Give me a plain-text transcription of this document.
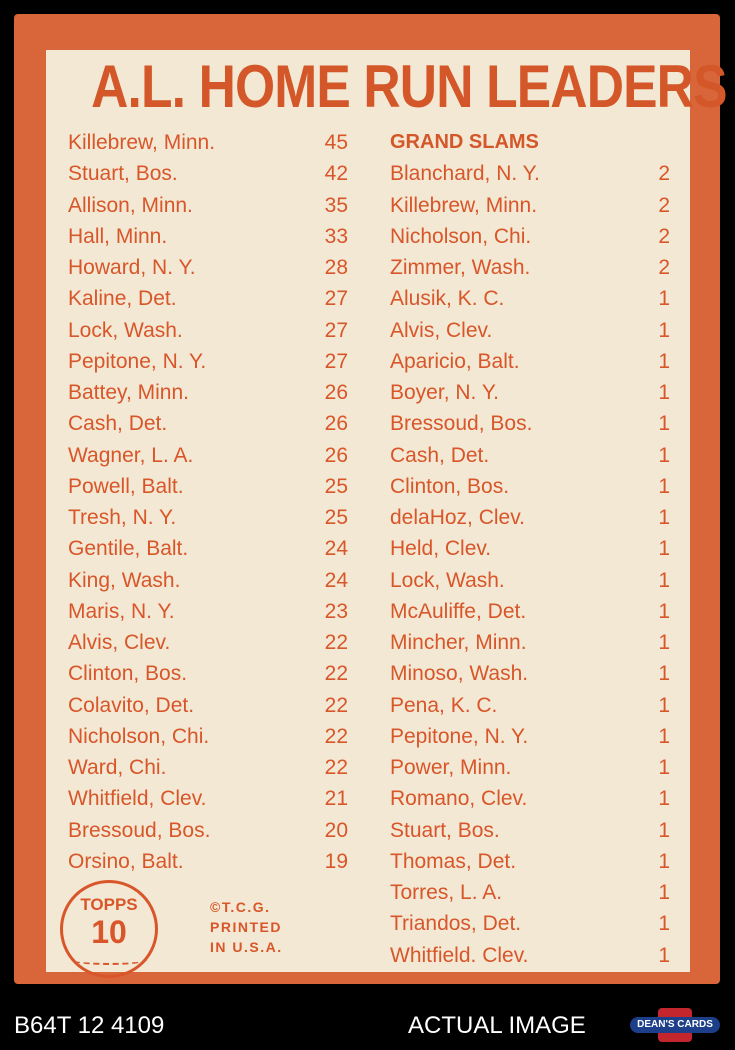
A.L. HOME RUN LEADERS
Killebrew, Minn.	45
Stuart, Bos.	42
Allison, Minn.	35
Hall, Minn.	33
Howard, N. Y.	28
Kaline, Det.	27
Lock, Wash.	27
Pepitone, N. Y.	27
Battey, Minn.	26
Cash, Det.	26
Wagner, L. A.	26
Powell, Balt.	25
Tresh, N. Y.	25
Gentile, Balt.	24
King, Wash.	24
Maris, N. Y.	23
Alvis, Clev.	22
Clinton, Bos.	22
Colavito, Det.	22
Nicholson, Chi.	22
Ward, Chi.	22
Whitfield, Clev.	21
Bressoud, Bos.	20
Orsino, Balt.	19
GRAND SLAMS
Blanchard, N. Y.	2
Killebrew, Minn.	2
Nicholson, Chi.	2
Zimmer, Wash.	2
Alusik, K. C.	1
Alvis, Clev.	1
Aparicio, Balt.	1
Boyer, N. Y.	1
Bressoud, Bos.	1
Cash, Det.	1
Clinton, Bos.	1
delaHoz, Clev.	1
Held, Clev.	1
Lock, Wash.	1
McAuliffe, Det.	1
Mincher, Minn.	1
Minoso, Wash.	1
Pena, K. C.	1
Pepitone, N. Y.	1
Power, Minn.	1
Romano, Clev.	1
Stuart, Bos.	1
Thomas, Det.	1
Torres, L. A.	1
Triandos, Det.	1
Whitfield. Clev.	1
TOPPS
10
©T.C.G.
PRINTED
IN U.S.A.
B64T 12 4109	ACTUAL IMAGE	DEAN'S CARDS
